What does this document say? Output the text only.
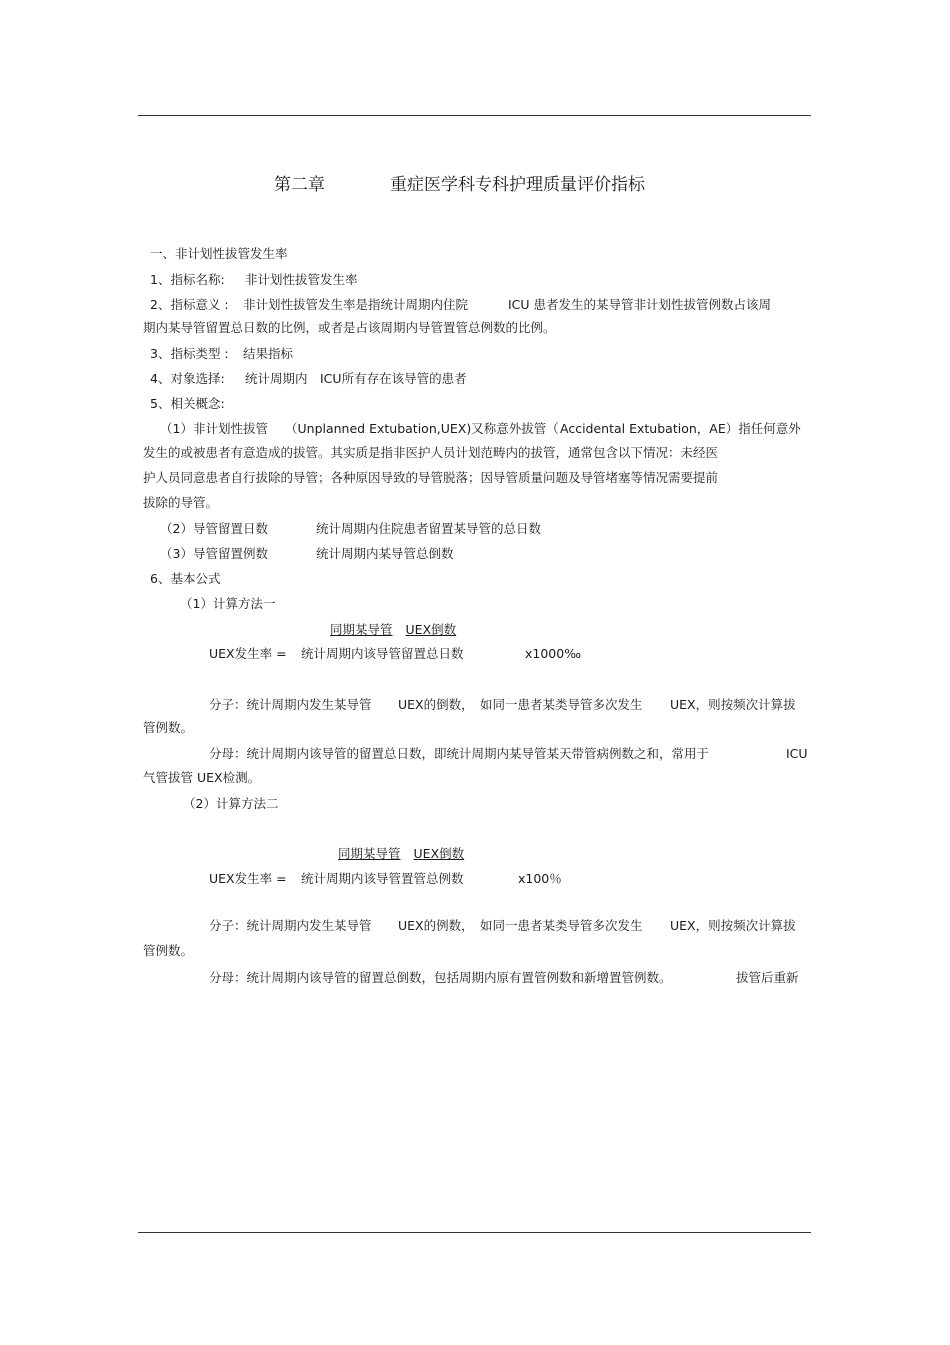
第二章	重症医学科专科护理质量评价指标
一、非计划性拔管发生率
1、指标名称: 非计划性拔管发生率
2、指标意义 : 非计划性拔管发生率是指统计周期内住院	ICU 患者发生的某导管非计划性拔管例数占该周
期内某导管留置总日数的比例，或者是占该周期内导管置管总例数的比例。
3、指标类型 : 结果指标
4、对象选择: 统计周期内 ICU所有存在该导管的患者
5、相关概念:
（1）非计划性拔管 （Unplanned Extubation,UEX)又称意外拔管（ Accidental Extubation，AE）指任何意外
发生的或被患者有意造成的拔管。其实质是指非医护人员计划范畴内的拔管，通常包含以下情况：未经医
护人员同意患者自行拔除的导管；各种原因导致的导管脱落；因导管质量问题及导管堵塞等情况需要提前
拔除的导管。
（2）导管留置日数	统计周期内住院患者留置某导管的总日数
（3）导管留置例数	统计周期内某导管总倒数
6、基本公式
（1）计算方法一
同期某导管 UEX倒数
UEX发生率 = 统计周期内该导管留置总日数	x1000‰
分子：统计周期内发生某导管 UEX的倒数， 如同一患者某类导管多次发生 UEX，则按频次计算拔
管例数。
分母：统计周期内该导管的留置总日数，即统计周期内某导管某天带管病例数之和，常用于	ICU
气管拔管 UEX检测。
（2）计算方法二
同期某导管 UEX倒数
UEX发生率 = 统计周期内该导管置管总例数	x100％
分子：统计周期内发生某导管 UEX的例数， 如同一患者某类导管多次发生 UEX，则按频次计算拔
管例数。
分母：统计周期内该导管的留置总倒数，包括周期内原有置管例数和新增置管例数。	拔管后重新
